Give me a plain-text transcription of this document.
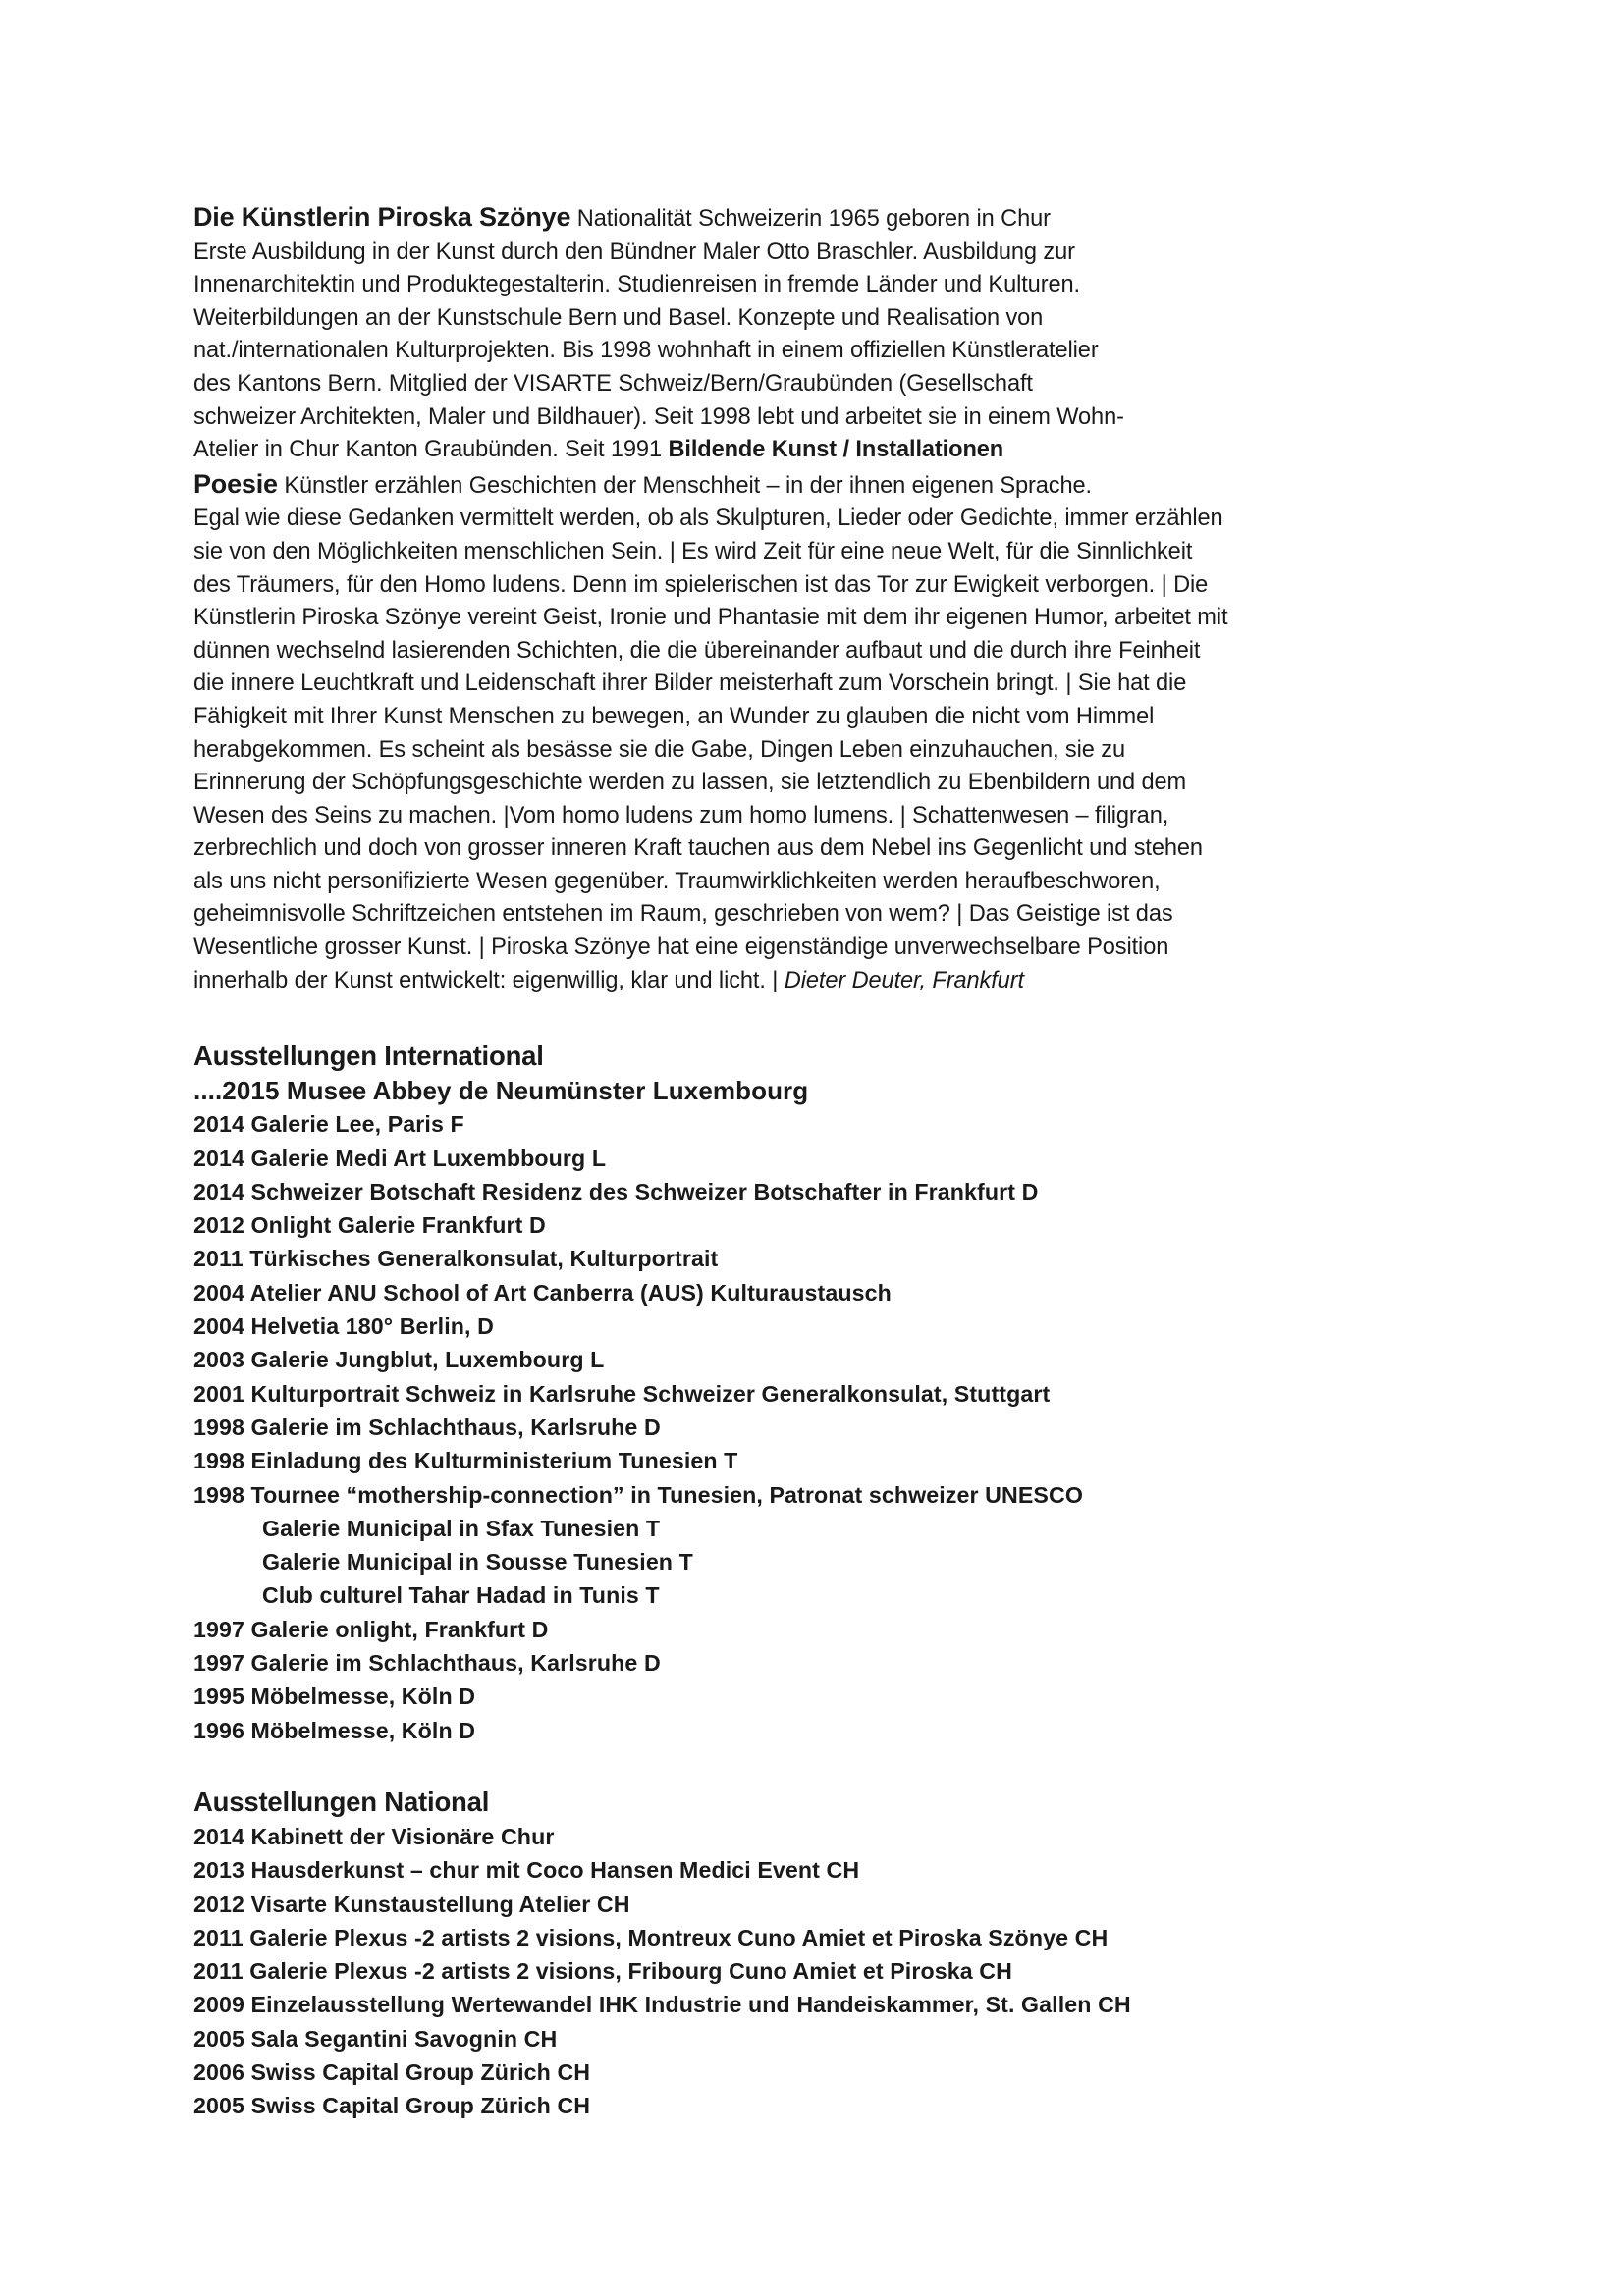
Die Künstlerin Piroska Szönye Nationalität Schweizerin 1965 geboren in Chur
Erste Ausbildung in der Kunst durch den Bündner Maler Otto Braschler. Ausbildung zur
Innenarchitektin und Produktegestalterin. Studienreisen in fremde Länder und Kulturen.
Weiterbildungen an der Kunstschule Bern und Basel. Konzepte und Realisation von
nat./internationalen Kulturprojekten. Bis 1998 wohnhaft in einem offiziellen Künstleratelier
des Kantons Bern. Mitglied der VISARTE Schweiz/Bern/Graubünden (Gesellschaft
schweizer Architekten, Maler und Bildhauer). Seit 1998 lebt und arbeitet sie in einem Wohn-
Atelier in Chur Kanton Graubünden. Seit 1991 Bildende Kunst / Installationen
Poesie Künstler erzählen Geschichten der Menschheit – in der ihnen eigenen Sprache.
Egal wie diese Gedanken vermittelt werden, ob als Skulpturen, Lieder oder Gedichte, immer erzählen
sie von den Möglichkeiten menschlichen Sein. | Es wird Zeit für eine neue Welt, für die Sinnlichkeit
des Träumers, für den Homo ludens. Denn im spielerischen ist das Tor zur Ewigkeit verborgen. | Die
Künstlerin Piroska Szönye vereint Geist, Ironie und Phantasie mit dem ihr eigenen Humor, arbeitet mit
dünnen wechselnd lasierenden Schichten, die die übereinander aufbaut und die durch ihre Feinheit
die innere Leuchtkraft und Leidenschaft ihrer Bilder meisterhaft zum Vorschein bringt. | Sie hat die
Fähigkeit mit Ihrer Kunst Menschen zu bewegen, an Wunder zu glauben die nicht vom Himmel
herabgekommen. Es scheint als besässe sie die Gabe, Dingen Leben einzuhauchen, sie zu
Erinnerung der Schöpfungsgeschichte werden zu lassen, sie letztendlich zu Ebenbildern und dem
Wesen des Seins zu machen. |Vom homo ludens zum homo lumens. | Schattenwesen – filigran,
zerbrechlich und doch von grosser inneren Kraft tauchen aus dem Nebel ins Gegenlicht und stehen
als uns nicht personifizierte Wesen gegenüber. Traumwirklichkeiten werden heraufbeschworen,
geheimnisvolle Schriftzeichen entstehen im Raum, geschrieben von wem? | Das Geistige ist das
Wesentliche grosser Kunst. | Piroska Szönye hat eine eigenständige unverwechselbare Position
innerhalb der Kunst entwickelt: eigenwillig, klar und licht. | Dieter Deuter, Frankfurt
Ausstellungen International
....2015 Musee Abbey de Neumünster Luxembourg
2014 Galerie Lee, Paris F
2014 Galerie Medi Art Luxembbourg L
2014 Schweizer Botschaft Residenz des Schweizer Botschafter in Frankfurt D
2012 Onlight Galerie Frankfurt D
2011 Türkisches Generalkonsulat, Kulturportrait
2004 Atelier ANU School of Art Canberra (AUS) Kulturaustausch
2004 Helvetia 180° Berlin, D
2003 Galerie Jungblut, Luxembourg L
2001 Kulturportrait Schweiz in Karlsruhe Schweizer Generalkonsulat, Stuttgart
1998 Galerie im Schlachthaus, Karlsruhe D
1998 Einladung des Kulturministerium Tunesien T
1998 Tournee “mothership-connection” in Tunesien, Patronat schweizer UNESCO
Galerie Municipal in Sfax Tunesien T
Galerie Municipal in Sousse Tunesien T
Club culturel Tahar Hadad in Tunis T
1997 Galerie onlight, Frankfurt D
1997 Galerie im Schlachthaus, Karlsruhe D
1995 Möbelmesse, Köln D
1996 Möbelmesse, Köln D
Ausstellungen National
2014 Kabinett der Visionäre Chur
2013 Hausderkunst – chur mit Coco Hansen Medici Event CH
2012 Visarte Kunstaustellung Atelier CH
2011 Galerie Plexus -2 artists 2 visions, Montreux Cuno Amiet et Piroska Szönye CH
2011 Galerie Plexus -2 artists 2 visions, Fribourg Cuno Amiet et Piroska CH
2009 Einzelausstellung Wertewandel IHK Industrie und Handeiskammer, St. Gallen CH
2005 Sala Segantini Savognin CH
2006 Swiss Capital Group Zürich CH
2005 Swiss Capital Group Zürich CH
